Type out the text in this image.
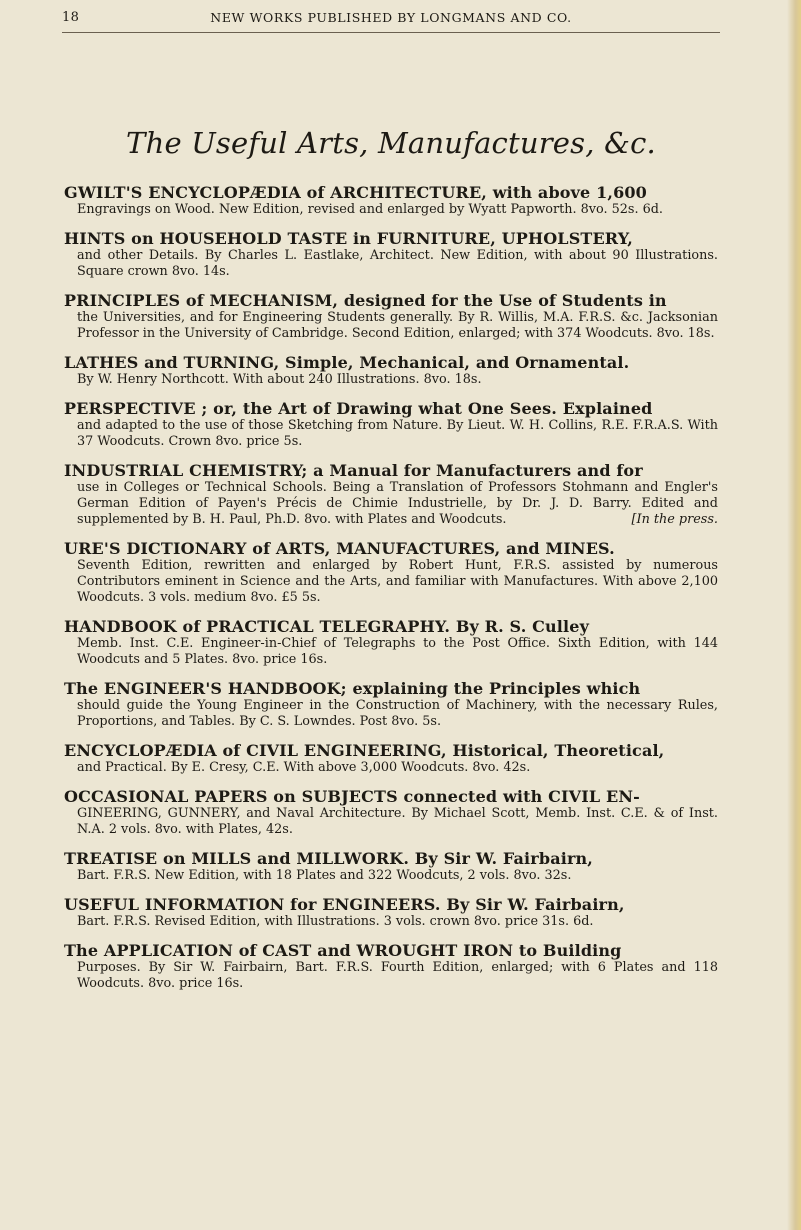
18	NEW WORKS PUBLISHED BY LONGMANS AND CO.
The Useful Arts, Manufactures, &c.
GWILT'S ENCYCLOPÆDIA of ARCHITECTURE, with above 1,600
Engravings on Wood. New Edition, revised and enlarged by Wyatt Papworth. 8vo. 52s. 6d.
HINTS on HOUSEHOLD TASTE in FURNITURE, UPHOLSTERY,
and other Details. By Charles L. Eastlake, Architect. New Edition, with about 90 Illustrations. Square crown 8vo. 14s.
PRINCIPLES of MECHANISM, designed for the Use of Students in
the Universities, and for Engineering Students generally. By R. Willis, M.A. F.R.S. &c. Jacksonian Professor in the University of Cambridge. Second Edition, enlarged; with 374 Woodcuts. 8vo. 18s.
LATHES and TURNING, Simple, Mechanical, and Ornamental.
By W. Henry Northcott. With about 240 Illustrations. 8vo. 18s.
PERSPECTIVE ; or, the Art of Drawing what One Sees. Explained
and adapted to the use of those Sketching from Nature. By Lieut. W. H. Collins, R.E. F.R.A.S. With 37 Woodcuts. Crown 8vo. price 5s.
INDUSTRIAL CHEMISTRY; a Manual for Manufacturers and for
use in Colleges or Technical Schools. Being a Translation of Professors Stohmann and Engler's German Edition of Payen's Précis de Chimie Industrielle, by Dr. J. D. Barry. Edited and supplemented by B. H. Paul, Ph.D. 8vo. with Plates and Woodcuts.	[In the press.
URE'S DICTIONARY of ARTS, MANUFACTURES, and MINES.
Seventh Edition, rewritten and enlarged by Robert Hunt, F.R.S. assisted by numerous Contributors eminent in Science and the Arts, and familiar with Manufactures. With above 2,100 Woodcuts. 3 vols. medium 8vo. £5 5s.
HANDBOOK of PRACTICAL TELEGRAPHY. By R. S. Culley
Memb. Inst. C.E. Engineer-in-Chief of Telegraphs to the Post Office. Sixth Edition, with 144 Woodcuts and 5 Plates. 8vo. price 16s.
The ENGINEER'S HANDBOOK; explaining the Principles which
should guide the Young Engineer in the Construction of Machinery, with the necessary Rules, Proportions, and Tables. By C. S. Lowndes. Post 8vo. 5s.
ENCYCLOPÆDIA of CIVIL ENGINEERING, Historical, Theoretical,
and Practical. By E. Cresy, C.E. With above 3,000 Woodcuts. 8vo. 42s.
OCCASIONAL PAPERS on SUBJECTS connected with CIVIL EN-
GINEERING, GUNNERY, and Naval Architecture. By Michael Scott, Memb. Inst. C.E. & of Inst. N.A. 2 vols. 8vo. with Plates, 42s.
TREATISE on MILLS and MILLWORK. By Sir W. Fairbairn,
Bart. F.R.S. New Edition, with 18 Plates and 322 Woodcuts, 2 vols. 8vo. 32s.
USEFUL INFORMATION for ENGINEERS. By Sir W. Fairbairn,
Bart. F.R.S. Revised Edition, with Illustrations. 3 vols. crown 8vo. price 31s. 6d.
The APPLICATION of CAST and WROUGHT IRON to Building
Purposes. By Sir W. Fairbairn, Bart. F.R.S. Fourth Edition, enlarged; with 6 Plates and 118 Woodcuts. 8vo. price 16s.
